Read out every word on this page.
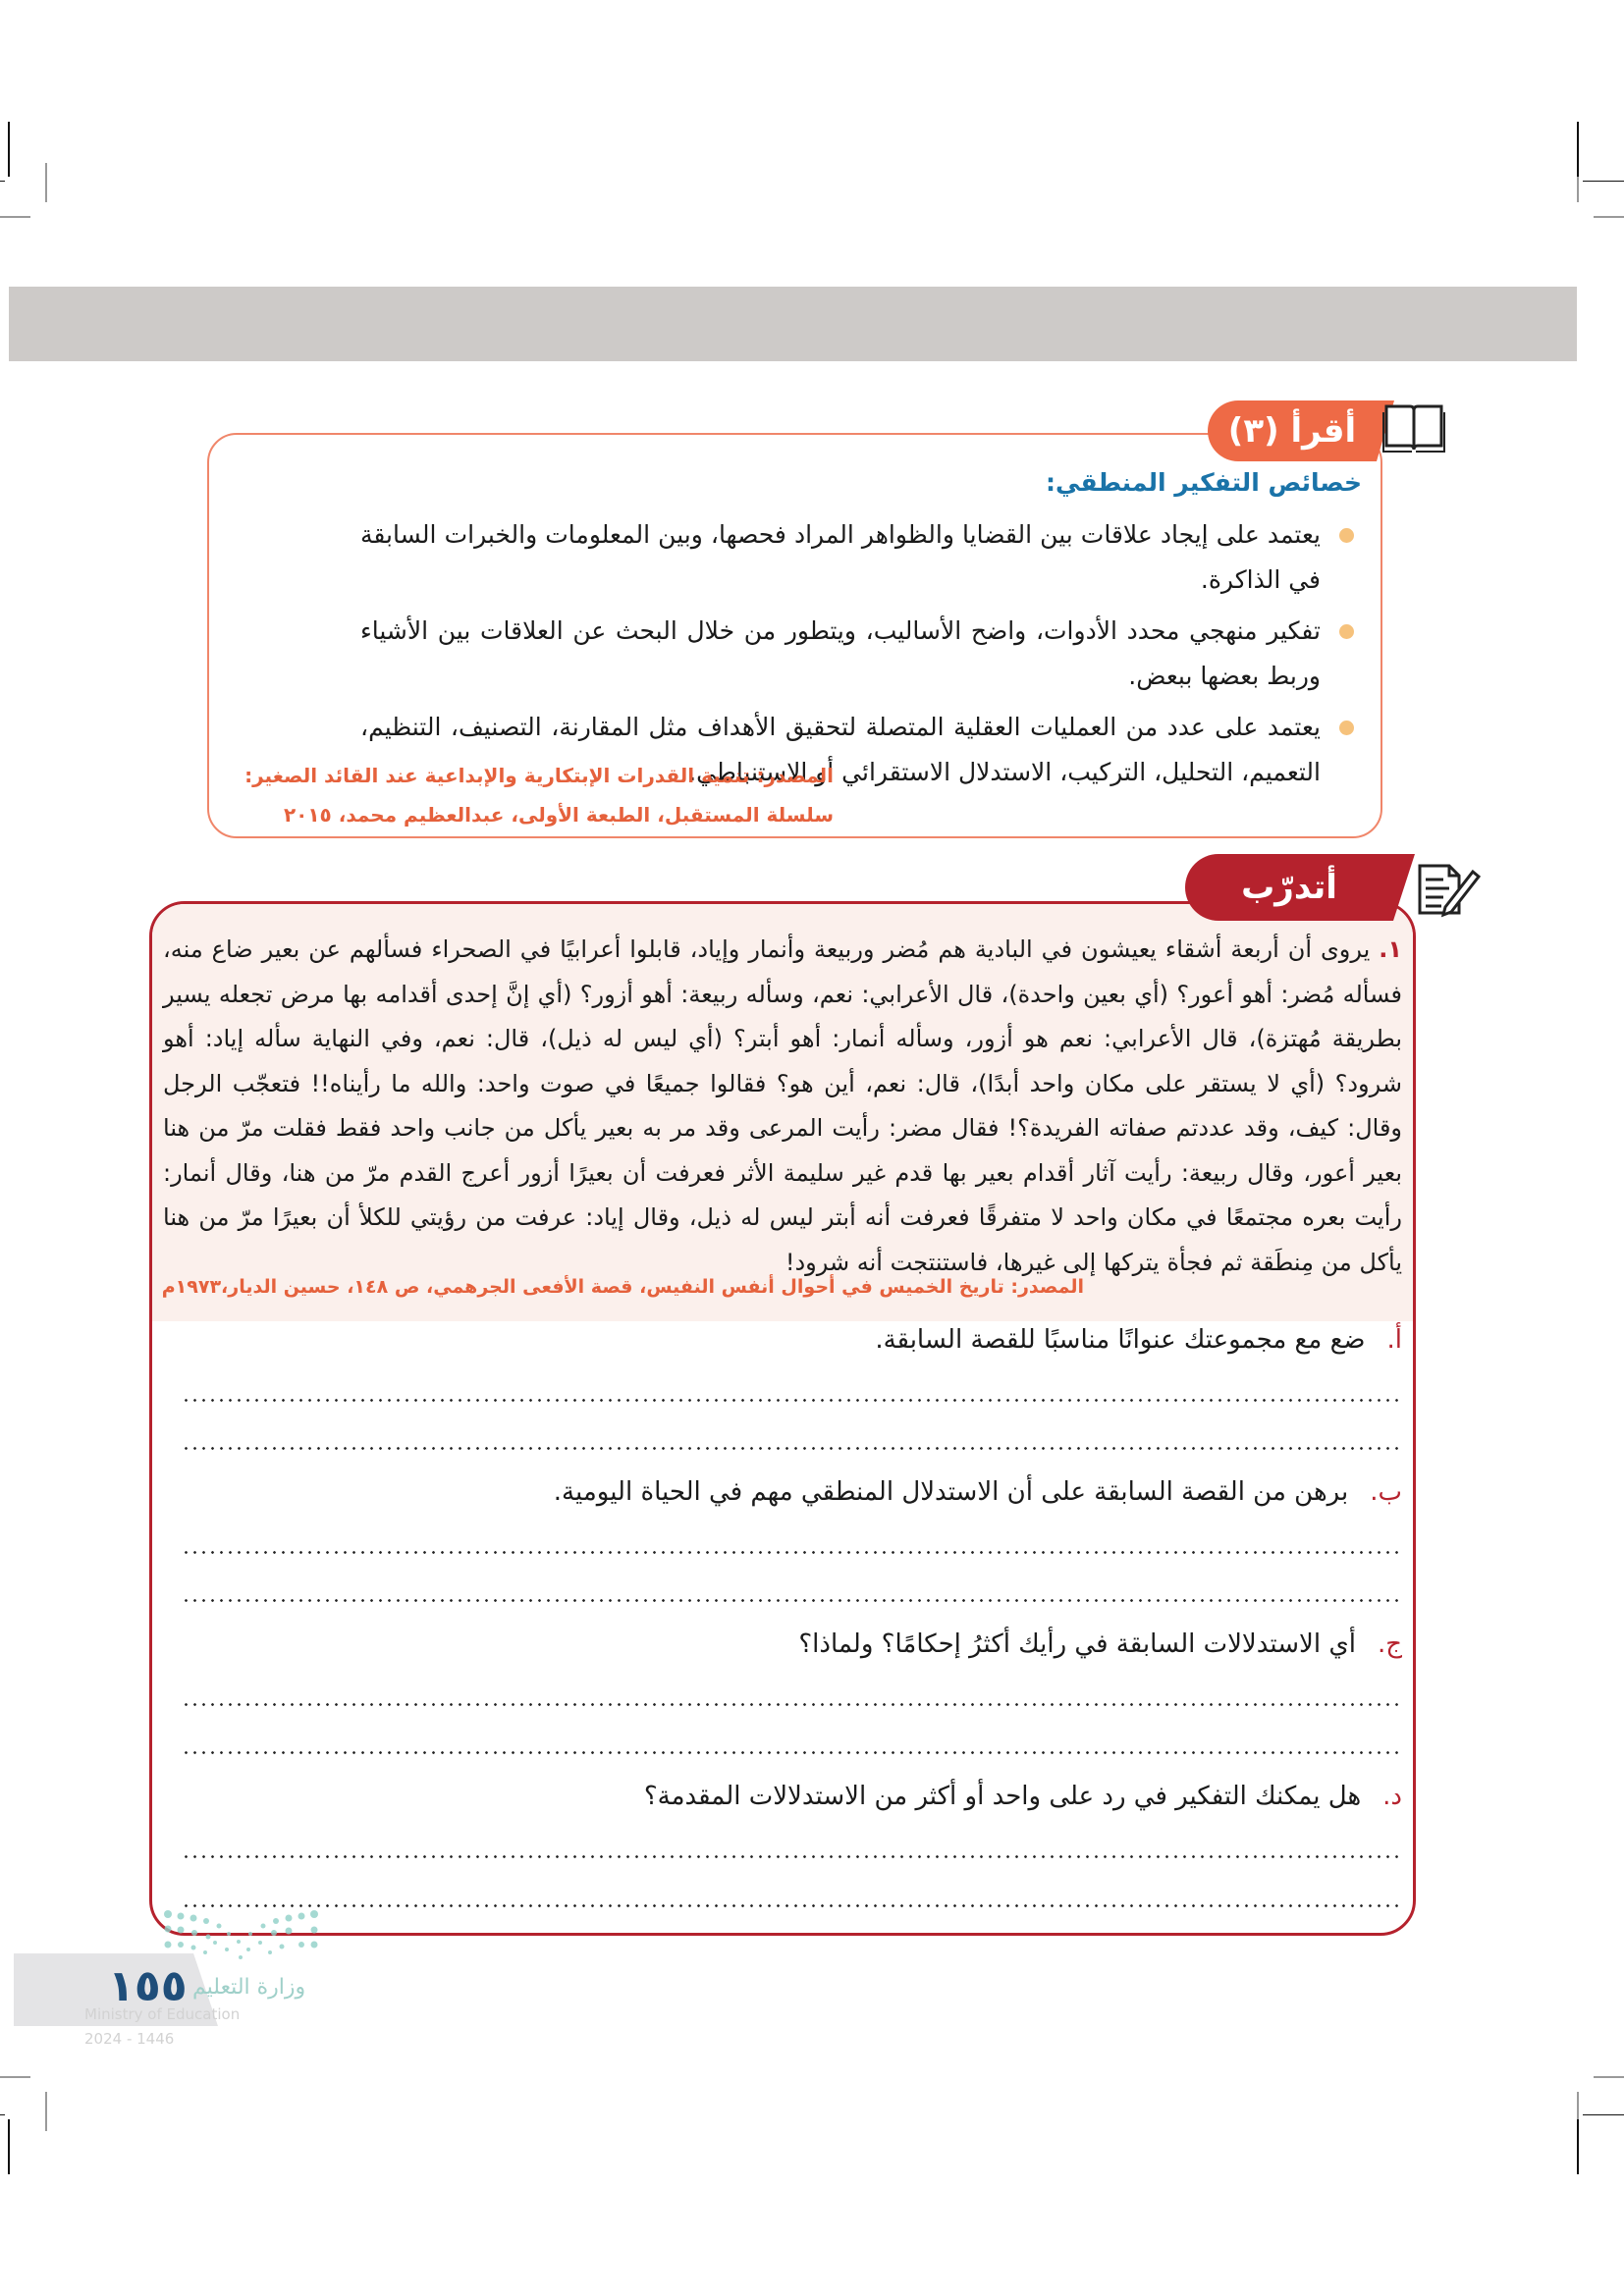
أقرأ (٣)
خصائص التفكير المنطقي:
يعتمد على إيجاد علاقات بين القضايا والظواهر المراد فحصها، وبين المعلومات والخبرات السابقة في الذاكرة.
تفكير منهجي محدد الأدوات، واضح الأساليب، ويتطور من خلال البحث عن العلاقات بين الأشياء وربط بعضها ببعض.
يعتمد على عدد من العمليات العقلية المتصلة لتحقيق الأهداف مثل المقارنة، التصنيف، التنظيم، التعميم، التحليل، التركيب، الاستدلال الاستقرائي أو الاستنباطي.
المصدر: تنمية القدرات الإبتكارية والإبداعية عند القائد الصغير:
سلسلة المستقبل، الطبعة الأولى، عبدالعظيم محمد، ٢٠١٥
أتدرّب
١. يروى أن أربعة أشقاء يعيشون في البادية هم مُضر وربيعة وأنمار وإياد، قابلوا أعرابيًا في الصحراء فسألهم عن بعير ضاع منه، فسأله مُضر: أهو أعور؟ (أي بعين واحدة)، قال الأعرابي: نعم، وسأله ربيعة: أهو أزور؟ (أي إنَّ إحدى أقدامه بها مرض تجعله يسير بطريقة مُهتزة)، قال الأعرابي: نعم هو أزور، وسأله أنمار: أهو أبتر؟ (أي ليس له ذيل)، قال: نعم، وفي النهاية سأله إياد: أهو شرود؟ (أي لا يستقر على مكان واحد أبدًا)، قال: نعم، أين هو؟ فقالوا جميعًا في صوت واحد: والله ما رأيناه!! فتعجّب الرجل وقال: كيف، وقد عددتم صفاته الفريدة؟! فقال مضر: رأيت المرعى وقد مر به بعير يأكل من جانب واحد فقط فقلت مرّ من هنا بعير أعور، وقال ربيعة: رأيت آثار أقدام بعير بها قدم غير سليمة الأثر فعرفت أن بعيرًا أزور أعرج القدم مرّ من هنا، وقال أنمار: رأيت بعره مجتمعًا في مكان واحد لا متفرقًا فعرفت أنه أبتر ليس له ذيل، وقال إياد: عرفت من رؤيتي للكلأ أن بعيرًا مرّ من هنا يأكل من مِنطَقة ثم فجأة يتركها إلى غيرها، فاستنتجت أنه شرود!
المصدر: تاريخ الخميس في أحوال أنفس النفيس، قصة الأفعى الجرهمي، ص ١٤٨، حسين الديار،١٩٧٣م
أ.ضع مع مجموعتك عنوانًا مناسبًا للقصة السابقة.
ب.برهن من القصة السابقة على أن الاستدلال المنطقي مهم في الحياة اليومية.
ج.أي الاستدلالات السابقة في رأيك أكثرُ إحكامًا؟ ولماذا؟
د.هل يمكنك التفكير في رد على واحد أو أكثر من الاستدلالات المقدمة؟
وزارة التعليم
١٥٥
Ministry of Education
2024 - 1446
